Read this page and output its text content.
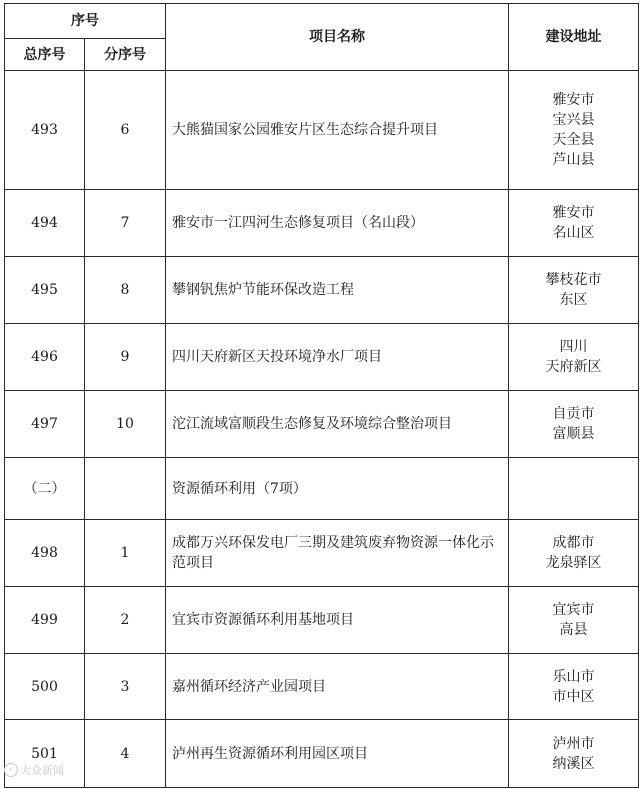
序号		项目名称	建设地址
总序号	分序号		
493	6	大熊猫国家公园雅安片区生态综合提升项目	雅安市
宝兴县
天全县
芦山县

494	7	雅安市一江四河生态修复项目（名山段）	雅安市
名山区

495	8	攀钢钒焦炉节能环保改造工程	攀枝花市
东区

496	9	四川天府新区天投环境净水厂项目	四川
天府新区

497	10	沱江流域富顺段生态修复及环境综合整治项目	自贡市
富顺县

（二）		资源循环利用（7项）	
498	1	成都万兴环保发电厂三期及建筑废弃物资源一体化示范项目	成都市
龙泉驿区

499	2	宜宾市资源循环利用基地项目	宜宾市
高县

500	3	嘉州循环经济产业园项目	乐山市
市中区

501	4	泸州再生资源循环利用园区项目	泸州市
纳溪区
✓ 大众新闻
